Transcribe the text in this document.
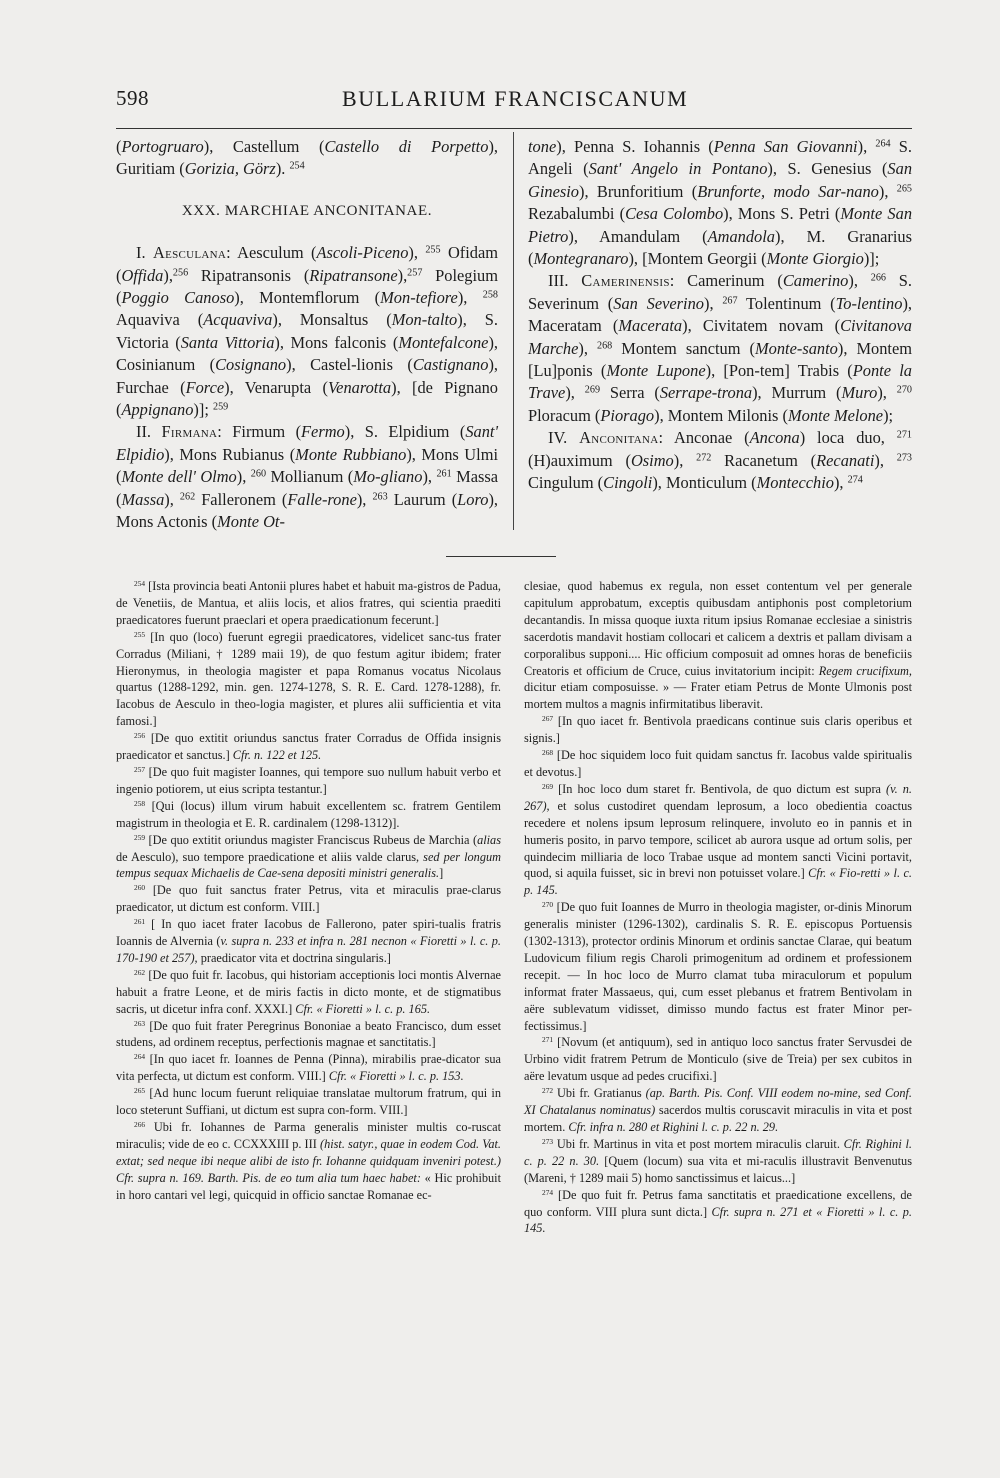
598	BULLARIUM FRANCISCANUM

(Portogruaro), Castellum (Castello di Porpetto), Guritiam (Gorizia, Görz). $^{254}$

XXX. MARCHIAE ANCONITANAE.

I. Aesculana: Aesculum (Ascoli-Piceno), $^{255}$ Ofidam (Offida),$^{256}$ Ripatransonis (Ripatransone),$^{257}$ Polegium (Poggio Canoso), Montemflorum (Mon-tefiore), $^{258}$ Aquaviva (Acquaviva), Monsaltus (Mon-talto), S. Victoria (Santa Vittoria), Mons falconis (Montefalcone), Cosinianum (Cosignano), Castel-lionis (Castignano), Furchae (Force), Venarupta (Venarotta), [de Pignano (Appignano)]; $^{259}$

II. Firmana: Firmum (Fermo), S. Elpidium (Sant' Elpidio), Mons Rubianus (Monte Rubbiano), Mons Ulmi (Monte dell' Olmo), $^{260}$ Mollianum (Mo-gliano), $^{261}$ Massa (Massa), $^{262}$ Falleronem (Falle-rone), $^{263}$ Laurum (Loro), Mons Actonis (Monte Ot-

tone), Penna S. Iohannis (Penna San Giovanni), $^{264}$ S. Angeli (Sant' Angelo in Pontano), S. Genesius (San Ginesio), Brunforitium (Brunforte, modo Sar-nano), $^{265}$ Rezabalumbi (Cesa Colombo), Mons S. Petri (Monte San Pietro), Amandulam (Amandola), M. Granarius (Montegranaro), [Montem Georgii (Monte Giorgio)];

III. Camerinensis: Camerinum (Camerino), $^{266}$ S. Severinum (San Severino), $^{267}$ Tolentinum (To-lentino), Maceratam (Macerata), Civitatem novam (Civitanova Marche), $^{268}$ Montem sanctum (Monte-santo), Montem [Lu]ponis (Monte Lupone), [Pon-tem] Trabis (Ponte la Trave), $^{269}$ Serra (Serrape-trona), Murrum (Muro), $^{270}$ Ploracum (Piorago), Montem Milonis (Monte Melone);

IV. Anconitana: Anconae (Ancona) loca duo, $^{271}$ (H)auximum (Osimo), $^{272}$ Racanetum (Recanati), $^{273}$ Cingulum (Cingoli), Monticulum (Montecchio), $^{274}$

$^{254}$ [Ista provincia beati Antonii plures habet et habuit ma-gistros de Padua, de Venetiis, de Mantua, et aliis locis, et alios fratres, qui scientia praediti praedicatores fuerunt praeclari et opera praedicationum fecerunt.]

$^{255}$ [In quo (loco) fuerunt egregii praedicatores, videlicet sanc-tus frater Corradus (Miliani, † 1289 maii 19), de quo festum agitur ibidem; frater Hieronymus, in theologia magister et papa Romanus vocatus Nicolaus quartus (1288-1292, min. gen. 1274-1278, S. R. E. Card. 1278-1288), fr. Iacobus de Aesculo in theo-logia magister, et plures alii sufficientia et vita famosi.]

$^{256}$ [De quo extitit oriundus sanctus frater Corradus de Offida insignis praedicator et sanctus.] Cfr. n. 122 et 125.

$^{257}$ [De quo fuit magister Ioannes, qui tempore suo nullum habuit verbo et ingenio potiorem, ut eius scripta testantur.]

$^{258}$ [Qui (locus) illum virum habuit excellentem sc. fratrem Gentilem magistrum in theologia et E. R. cardinalem (1298-1312)].

$^{259}$ [De quo extitit oriundus magister Franciscus Rubeus de Marchia (alias de Aesculo), suo tempore praedicatione et aliis valde clarus, sed per longum tempus sequax Michaelis de Cae-sena depositi ministri generalis.]

$^{260}$ [De quo fuit sanctus frater Petrus, vita et miraculis prae-clarus praedicator, ut dictum est conform. VIII.]

$^{261}$ [ In quo iacet frater Iacobus de Fallerono, pater spiri-tualis fratris Ioannis de Alvernia (v. supra n. 233 et infra n. 281 necnon « Fioretti » l. c. p. 170-190 et 257), praedicator vita et doctrina singularis.]

$^{262}$ [De quo fuit fr. Iacobus, qui historiam acceptionis loci montis Alvernae habuit a fratre Leone, et de miris factis in dicto monte, et de stigmatibus sacris, ut dicetur infra conf. XXXI.] Cfr. « Fioretti » l. c. p. 165.

$^{263}$ [De quo fuit frater Peregrinus Bononiae a beato Francisco, dum esset studens, ad ordinem receptus, perfectionis magnae et sanctitatis.]

$^{264}$ [In quo iacet fr. Ioannes de Penna (Pinna), mirabilis prae-dicator sua vita perfecta, ut dictum est conform. VIII.] Cfr. « Fioretti » l. c. p. 153.

$^{265}$ [Ad hunc locum fuerunt reliquiae translatae multorum fratrum, qui in loco steterunt Suffiani, ut dictum est supra con-form. VIII.]

$^{266}$ Ubi fr. Iohannes de Parma generalis minister multis co-ruscat miraculis; vide de eo c. CCXXXIII p. III (hist. satyr., quae in eodem Cod. Vat. extat; sed neque ibi neque alibi de isto fr. Iohanne quidquam inveniri potest.) Cfr. supra n. 169. Barth. Pis. de eo tum alia tum haec habet: « Hic prohibuit in horo cantari vel legi, quicquid in officio sanctae Romanae ec-

clesiae, quod habemus ex regula, non esset contentum vel per generale capitulum approbatum, exceptis quibusdam antiphonis post completorium decantandis. In missa quoque iuxta ritum ipsius Romanae ecclesiae a sinistris sacerdotis mandavit hostiam collocari et calicem a dextris et pallam divisam a corporalibus supponi.... Hic officium composuit ad omnes horas de beneficiis Creatoris et officium de Cruce, cuius invitatorium incipit: Regem crucifixum, dicitur etiam composuisse. » — Frater etiam Petrus de Monte Ulmonis post mortem multos a magnis infirmitatibus liberavit.

$^{267}$ [In quo iacet fr. Bentivola praedicans continue suis claris operibus et signis.]

$^{268}$ [De hoc siquidem loco fuit quidam sanctus fr. Iacobus valde spiritualis et devotus.]

$^{269}$ [In hoc loco dum staret fr. Bentivola, de quo dictum est supra (v. n. 267), et solus custodiret quendam leprosum, a loco obedientia coactus recedere et nolens ipsum leprosum relinquere, involuto eo in pannis et in humeris posito, in parvo tempore, scilicet ab aurora usque ad ortum solis, per quindecim milliaria de loco Trabae usque ad montem sancti Vicini portavit, quod, si aquila fuisset, sic in brevi non potuisset volare.] Cfr. « Fio-retti » l. c. p. 145.

$^{270}$ [De quo fuit Ioannes de Murro in theologia magister, or-dinis Minorum generalis minister (1296-1302), cardinalis S. R. E. episcopus Portuensis (1302-1313), protector ordinis Minorum et ordinis sanctae Clarae, qui beatum Ludovicum filium regis Charoli primogenitum ad ordinem et professionem recepit. — In hoc loco de Murro clamat tuba miraculorum et populum informat frater Massaeus, qui, cum esset plebanus et fratrem Bentivolam in aëre sublevatum vidisset, dimisso mundo factus est frater Minor per-fectissimus.]

$^{271}$ [Novum (et antiquum), sed in antiquo loco sanctus frater Servusdei de Urbino vidit fratrem Petrum de Monticulo (sive de Treia) per sex cubitos in aëre levatum usque ad pedes crucifixi.]

$^{272}$ Ubi fr. Gratianus (ap. Barth. Pis. Conf. VIII eodem no-mine, sed Conf. XI Chatalanus nominatus) sacerdos multis coruscavit miraculis in vita et post mortem. Cfr. infra n. 280 et Righini l. c. p. 22 n. 29.

$^{273}$ Ubi fr. Martinus in vita et post mortem miraculis claruit. Cfr. Righini l. c. p. 22 n. 30. [Quem (locum) sua vita et mi-raculis illustravit Benvenutus (Mareni, † 1289 maii 5) homo sanctissimus et laicus...]

$^{274}$ [De quo fuit fr. Petrus fama sanctitatis et praedicatione excellens, de quo conform. VIII plura sunt dicta.] Cfr. supra n. 271 et « Fioretti » l. c. p. 145.
